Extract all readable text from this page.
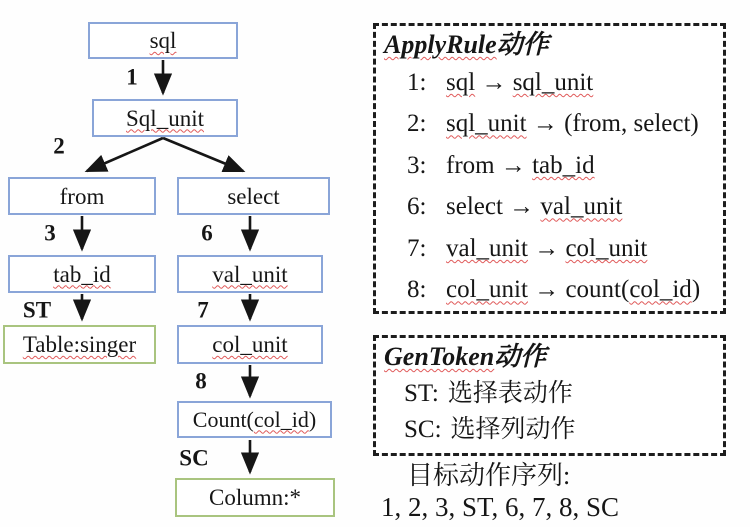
sql
Sql_unit
from	select
tab_id	val_unit
Table:singer	col_unit
Count( col_id )
Column:*
1
2
3	6
ST	7
8
SC
ApplyRule动作
1: sql → sql_unit
2: sql_unit → (from, select)
3: from → tab_id
6: select → val_unit
7: val_unit → col_unit
8: col_unit → count(col_id)
GenToken动作
ST: 选择表动作
SC: 选择列动作
目标动作序列:
1, 2, 3, ST, 6, 7, 8, SC
